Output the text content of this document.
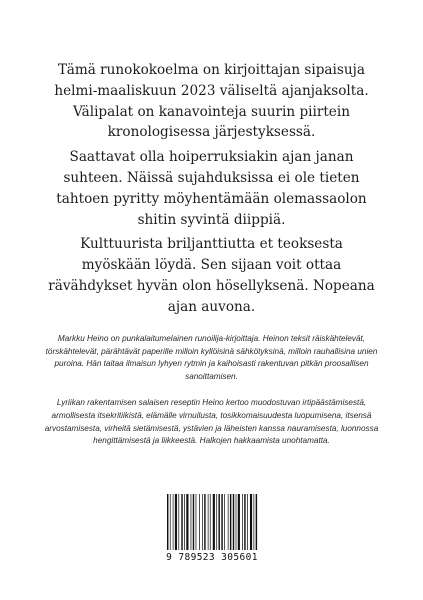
Tämä runokokoelma on kirjoittajan sipaisuja helmi-maaliskuun 2023 väliseltä ajanjaksolta. Välipalat on kanavointeja suurin piirtein kronologisessa järjestyksessä.

Saattavat olla hoiperruksiakin ajan janan suhteen. Näissä sujahduksissa ei ole tieten tahtoen pyritty möyhentämään olemassaolon shitin syvintä diippiä.

Kulttuurista briljanttiutta et teoksesta myöskään löydä. Sen sijaan voit ottaa rävähdykset hyvän olon hösellyksenä. Nopeana ajan auvona.

Markku Heino on punkalaitumelainen runoilija-kirjoittaja. Heinon teksit räiskähtelevät, törskähtelevät, pärähtävät paperille milloin kyllöisinä sähkötyksinä, milloin rauhallisina unien puroina. Hän taitaa ilmaisun lyhyen rytmin ja kaihoisasti rakentuvan pitkän proosallisen sanoittamisen.

Lyriikan rakentamisen salaisen reseptin Heino kertoo muodostuvan irtipäästämisestä, armollisesta itsekritiikistä, elämälle virnuilusta, tosikkomaisuudesta luopumisena, itsensä arvostamisesta, virheitä sietämisestä, ystävien ja läheisten kanssa nauramisesta, luonnossa hengittämisestä ja liikkeestä. Halkojen hakkaamista unohtamatta.

9 789523 305601
